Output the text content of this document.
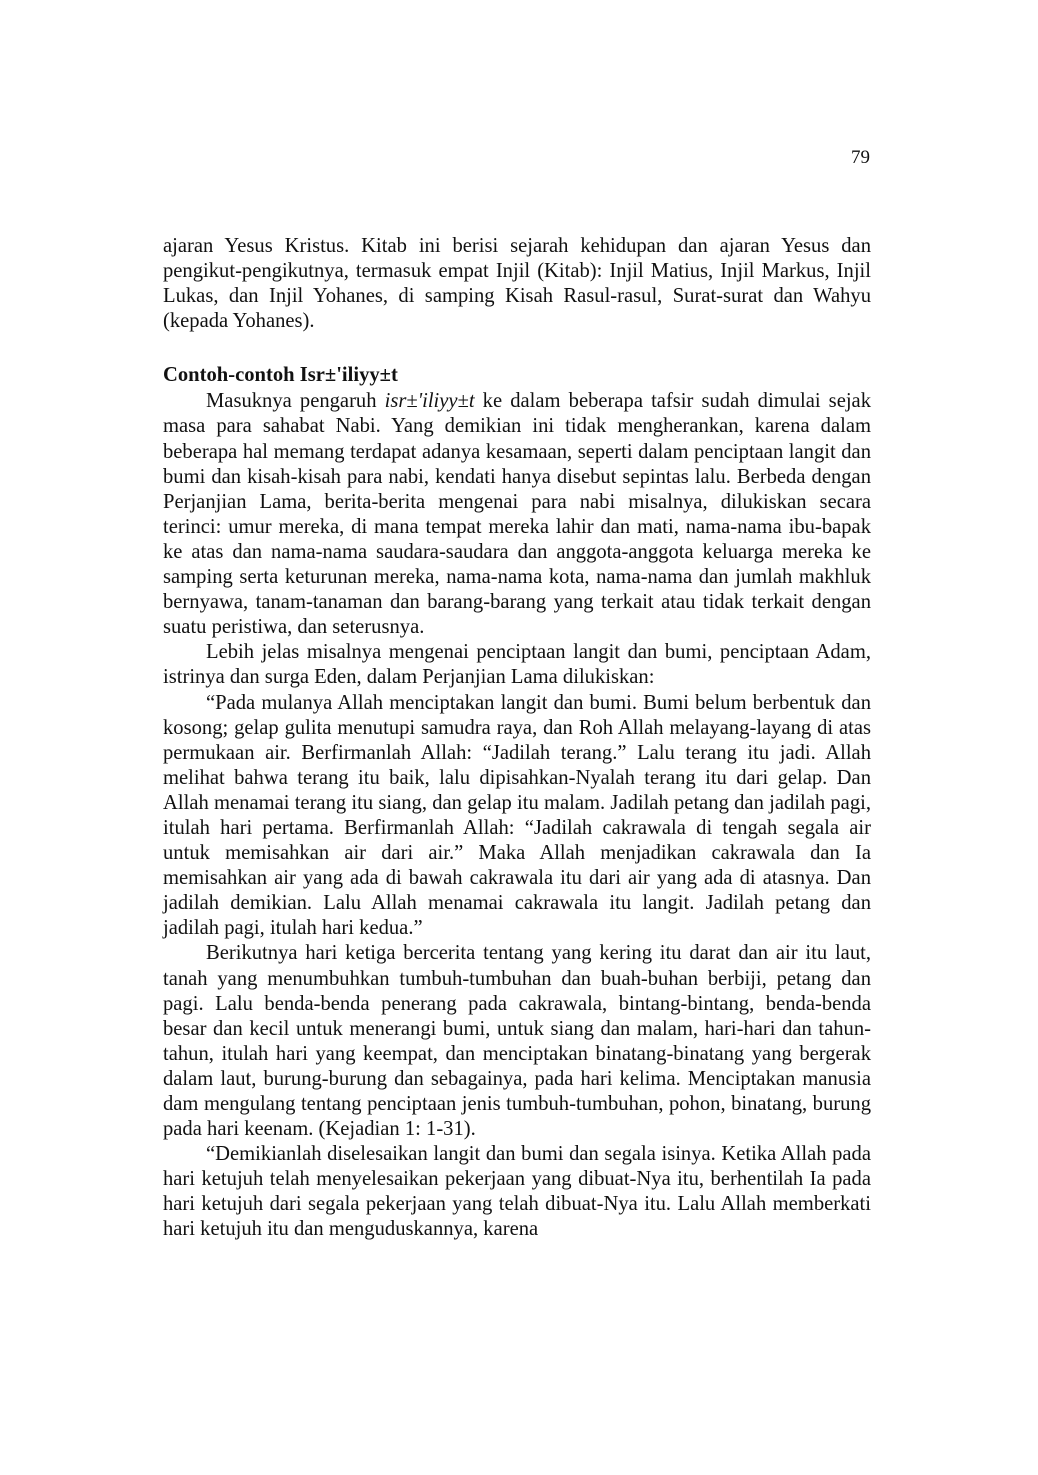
79

ajaran Yesus Kristus. Kitab ini berisi sejarah kehidupan dan ajaran Yesus dan pengikut-pengikutnya, termasuk empat Injil (Kitab): Injil Matius, Injil Markus, Injil Lukas, dan Injil Yohanes, di samping Kisah Rasul-rasul, Surat-surat dan Wahyu (kepada Yohanes).

Contoh-contoh Isr±'iliyy±t

Masuknya pengaruh isr±'iliyy±t ke dalam beberapa tafsir sudah dimulai sejak masa para sahabat Nabi. Yang demikian ini tidak mengherankan, karena dalam beberapa hal memang terdapat adanya kesamaan, seperti dalam penciptaan langit dan bumi dan kisah-kisah para nabi, kendati hanya disebut sepintas lalu. Berbeda dengan Perjanjian Lama, berita-berita mengenai para nabi misalnya, dilukiskan secara terinci: umur mereka, di mana tempat mereka lahir dan mati, nama-nama ibu-bapak ke atas dan nama-nama saudara-saudara dan anggota-anggota keluarga mereka ke samping serta keturunan mereka, nama-nama kota, nama-nama dan jumlah makhluk bernyawa, tanam-tanaman dan barang-barang yang terkait atau tidak terkait dengan suatu peristiwa, dan seterusnya.

Lebih jelas misalnya mengenai penciptaan langit dan bumi, penciptaan Adam, istrinya dan surga Eden, dalam Perjanjian Lama dilukiskan:

“Pada mulanya Allah menciptakan langit dan bumi. Bumi belum berbentuk dan kosong; gelap gulita menutupi samudra raya, dan Roh Allah melayang-layang di atas permukaan air. Berfirmanlah Allah: “Jadilah terang.” Lalu terang itu jadi. Allah melihat bahwa terang itu baik, lalu dipisahkan-Nyalah terang itu dari gelap. Dan Allah menamai terang itu siang, dan gelap itu malam. Jadilah petang dan jadilah pagi, itulah hari pertama. Berfirmanlah Allah: “Jadilah cakrawala di tengah segala air untuk memisahkan air dari air.” Maka Allah menjadikan cakrawala dan Ia memisahkan air yang ada di bawah cakrawala itu dari air yang ada di atasnya. Dan jadilah demikian. Lalu Allah menamai cakrawala itu langit. Jadilah petang dan jadilah pagi, itulah hari kedua.”

Berikutnya hari ketiga bercerita tentang yang kering itu darat dan air itu laut, tanah yang menumbuhkan tumbuh-tumbuhan dan buah-buhan berbiji, petang dan pagi. Lalu benda-benda penerang pada cakrawala, bintang-bintang, benda-benda besar dan kecil untuk menerangi bumi, untuk siang dan malam, hari-hari dan tahun-tahun, itulah hari yang keempat, dan menciptakan binatang-binatang yang bergerak dalam laut, burung-burung dan sebagainya, pada hari kelima. Menciptakan manusia dam mengulang tentang penciptaan jenis tumbuh-tumbuhan, pohon, binatang, burung pada hari keenam. (Kejadian 1: 1-31).

“Demikianlah diselesaikan langit dan bumi dan segala isinya. Ketika Allah pada hari ketujuh telah menyelesaikan pekerjaan yang dibuat-Nya itu, berhentilah Ia pada hari ketujuh dari segala pekerjaan yang telah dibuat-Nya itu. Lalu Allah memberkati hari ketujuh itu dan menguduskannya, karena
